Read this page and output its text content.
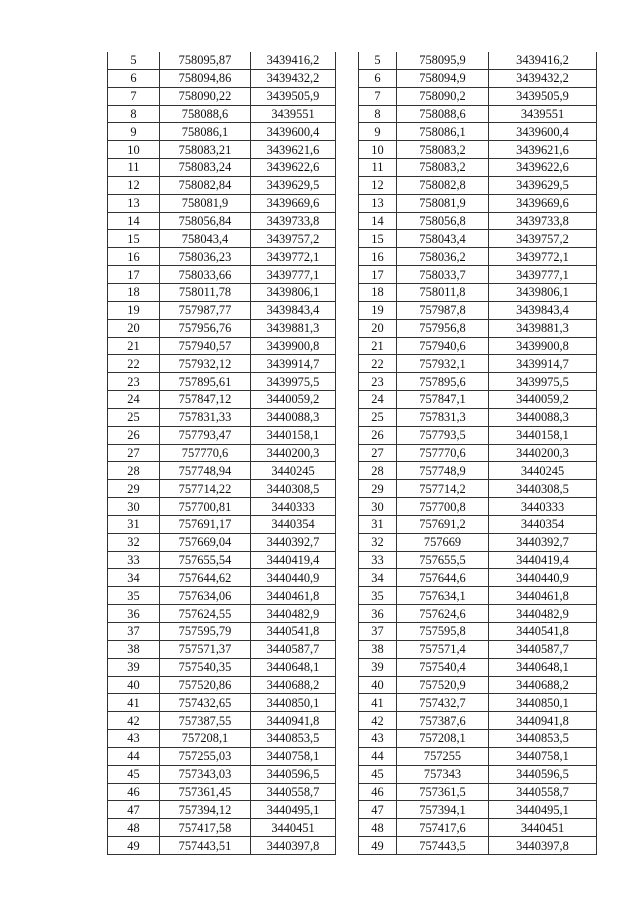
5	758095,87	3439416,2
6	758094,86	3439432,2
7	758090,22	3439505,9
8	758088,6	3439551
9	758086,1	3439600,4
10	758083,21	3439621,6
11	758083,24	3439622,6
12	758082,84	3439629,5
13	758081,9	3439669,6
14	758056,84	3439733,8
15	758043,4	3439757,2
16	758036,23	3439772,1
17	758033,66	3439777,1
18	758011,78	3439806,1
19	757987,77	3439843,4
20	757956,76	3439881,3
21	757940,57	3439900,8
22	757932,12	3439914,7
23	757895,61	3439975,5
24	757847,12	3440059,2
25	757831,33	3440088,3
26	757793,47	3440158,1
27	757770,6	3440200,3
28	757748,94	3440245
29	757714,22	3440308,5
30	757700,81	3440333
31	757691,17	3440354
32	757669,04	3440392,7
33	757655,54	3440419,4
34	757644,62	3440440,9
35	757634,06	3440461,8
36	757624,55	3440482,9
37	757595,79	3440541,8
38	757571,37	3440587,7
39	757540,35	3440648,1
40	757520,86	3440688,2
41	757432,65	3440850,1
42	757387,55	3440941,8
43	757208,1	3440853,5
44	757255,03	3440758,1
45	757343,03	3440596,5
46	757361,45	3440558,7
47	757394,12	3440495,1
48	757417,58	3440451
49	757443,51	3440397,8
5	758095,9	3439416,2
6	758094,9	3439432,2
7	758090,2	3439505,9
8	758088,6	3439551
9	758086,1	3439600,4
10	758083,2	3439621,6
11	758083,2	3439622,6
12	758082,8	3439629,5
13	758081,9	3439669,6
14	758056,8	3439733,8
15	758043,4	3439757,2
16	758036,2	3439772,1
17	758033,7	3439777,1
18	758011,8	3439806,1
19	757987,8	3439843,4
20	757956,8	3439881,3
21	757940,6	3439900,8
22	757932,1	3439914,7
23	757895,6	3439975,5
24	757847,1	3440059,2
25	757831,3	3440088,3
26	757793,5	3440158,1
27	757770,6	3440200,3
28	757748,9	3440245
29	757714,2	3440308,5
30	757700,8	3440333
31	757691,2	3440354
32	757669	3440392,7
33	757655,5	3440419,4
34	757644,6	3440440,9
35	757634,1	3440461,8
36	757624,6	3440482,9
37	757595,8	3440541,8
38	757571,4	3440587,7
39	757540,4	3440648,1
40	757520,9	3440688,2
41	757432,7	3440850,1
42	757387,6	3440941,8
43	757208,1	3440853,5
44	757255	3440758,1
45	757343	3440596,5
46	757361,5	3440558,7
47	757394,1	3440495,1
48	757417,6	3440451
49	757443,5	3440397,8
